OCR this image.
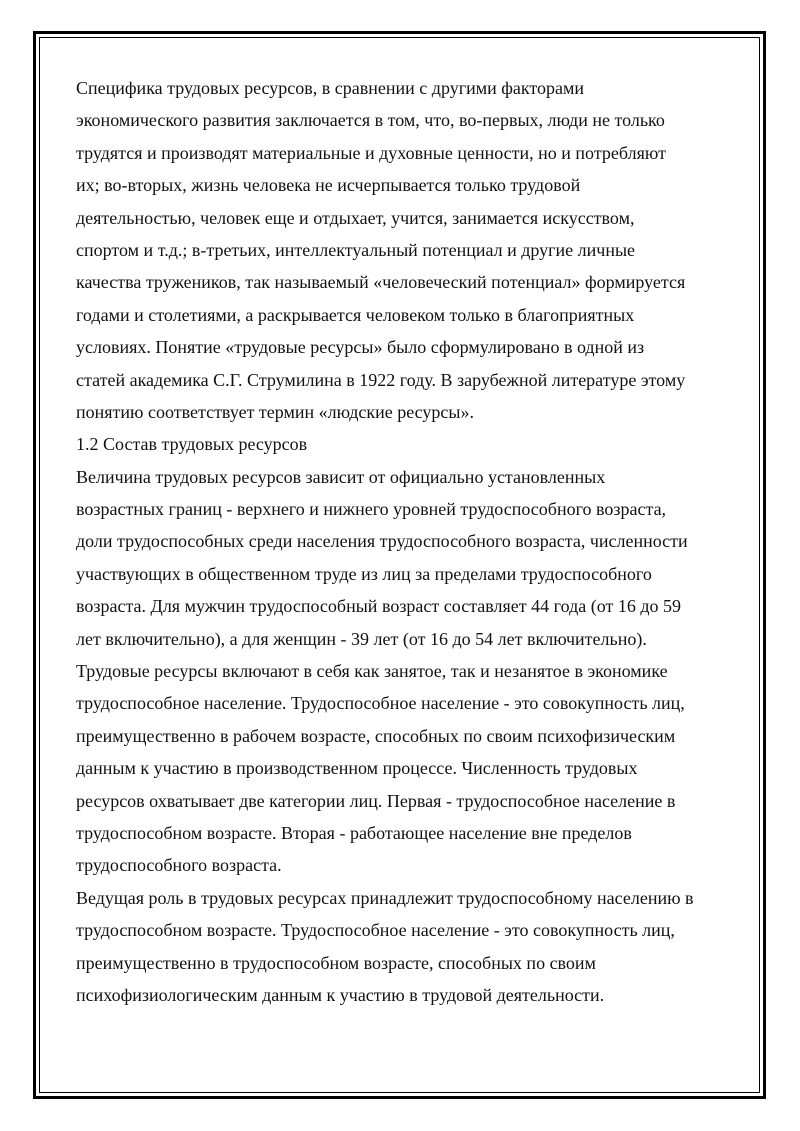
Специфика трудовых ресурсов, в сравнении с другими факторами
экономического развития заключается в том, что, во-первых, люди не только
трудятся и производят материальные и духовные ценности, но и потребляют
их; во-вторых, жизнь человека не исчерпывается только трудовой
деятельностью, человек еще и отдыхает, учится, занимается искусством,
спортом и т.д.; в-третьих, интеллектуальный потенциал и другие личные
качества тружеников, так называемый «человеческий потенциал» формируется
годами и столетиями, а раскрывается человеком только в благоприятных
условиях. Понятие «трудовые ресурсы» было сформулировано в одной из
статей академика С.Г. Струмилина в 1922 году. В зарубежной литературе этому
понятию соответствует термин «людские ресурсы».
1.2 Состав трудовых ресурсов
Величина трудовых ресурсов зависит от официально установленных
возрастных границ - верхнего и нижнего уровней трудоспособного возраста,
доли трудоспособных среди населения трудоспособного возраста, численности
участвующих в общественном труде из лиц за пределами трудоспособного
возраста. Для мужчин трудоспособный возраст составляет 44 года (от 16 до 59
лет включительно), а для женщин - 39 лет (от 16 до 54 лет включительно).
Трудовые ресурсы включают в себя как занятое, так и незанятое в экономике
трудоспособное население. Трудоспособное население - это совокупность лиц,
преимущественно в рабочем возрасте, способных по своим психофизическим
данным к участию в производственном процессе. Численность трудовых
ресурсов охватывает две категории лиц. Первая - трудоспособное население в
трудоспособном возрасте. Вторая - работающее население вне пределов
трудоспособного возраста.
Ведущая роль в трудовых ресурсах принадлежит трудоспособному населению в
трудоспособном возрасте. Трудоспособное население - это совокупность лиц,
преимущественно в трудоспособном возрасте, способных по своим
психофизиологическим данным к участию в трудовой деятельности.
